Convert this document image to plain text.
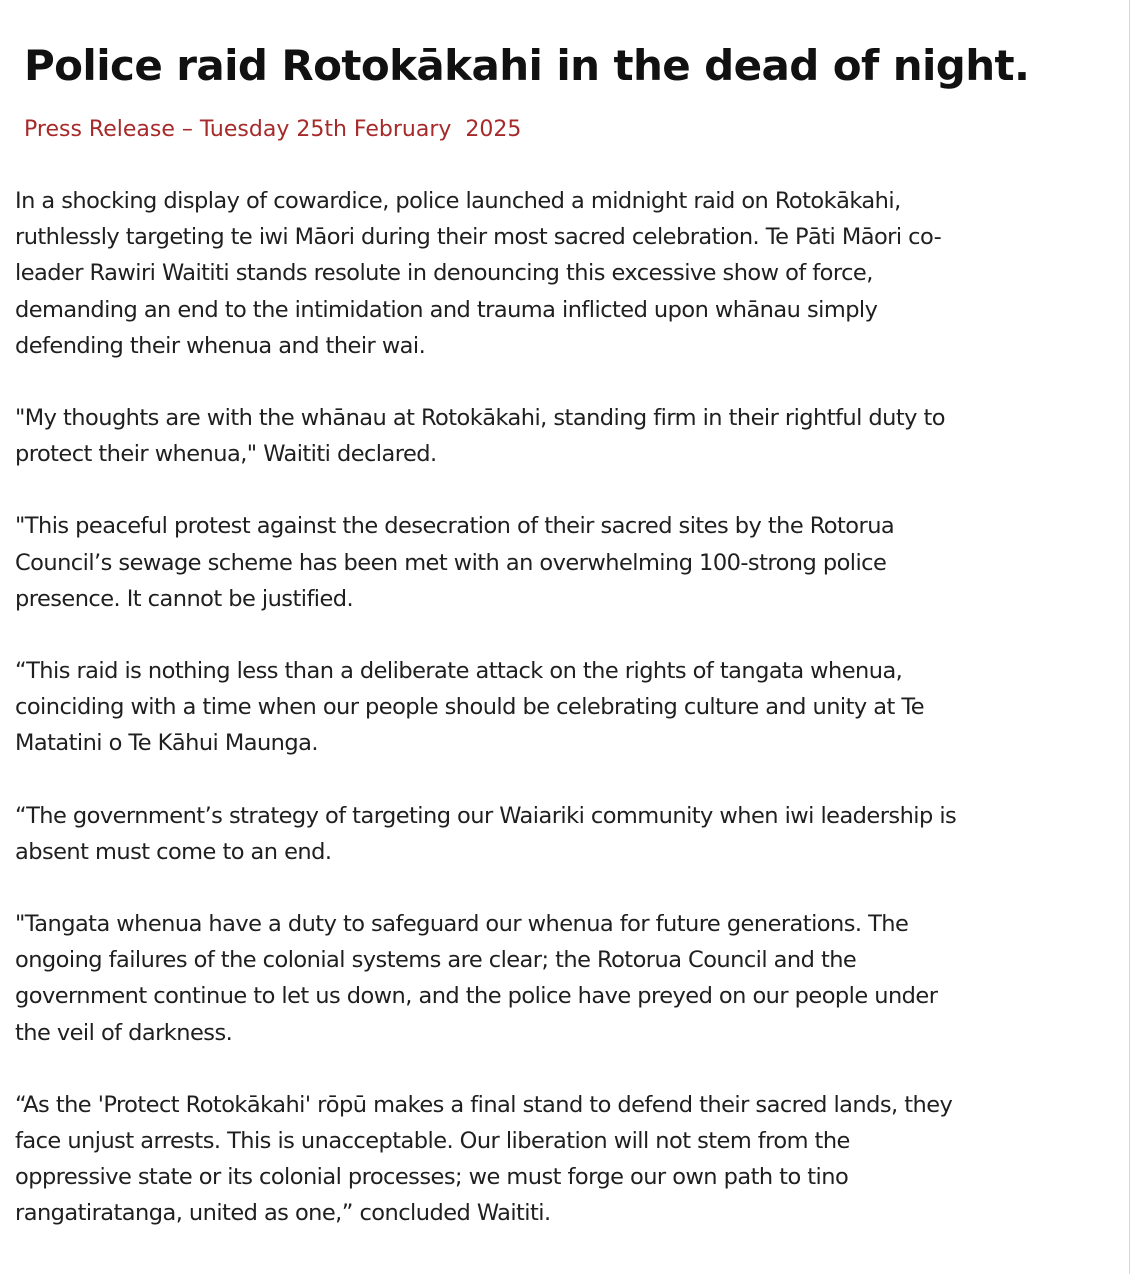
Police raid Rotokākahi in the dead of night.
Press Release – Tuesday 25th February  2025

In a shocking display of cowardice, police launched a midnight raid on Rotokākahi,
ruthlessly targeting te iwi Māori during their most sacred celebration. Te Pāti Māori co-
leader Rawiri Waititi stands resolute in denouncing this excessive show of force,
demanding an end to the intimidation and trauma inflicted upon whānau simply
defending their whenua and their wai.

"My thoughts are with the whānau at Rotokākahi, standing firm in their rightful duty to
protect their whenua," Waititi declared.

"This peaceful protest against the desecration of their sacred sites by the Rotorua
Council’s sewage scheme has been met with an overwhelming 100-strong police
presence. It cannot be justified.

“This raid is nothing less than a deliberate attack on the rights of tangata whenua,
coinciding with a time when our people should be celebrating culture and unity at Te
Matatini o Te Kāhui Maunga.

“The government’s strategy of targeting our Waiariki community when iwi leadership is
absent must come to an end.

"Tangata whenua have a duty to safeguard our whenua for future generations. The
ongoing failures of the colonial systems are clear; the Rotorua Council and the
government continue to let us down, and the police have preyed on our people under
the veil of darkness.

“As the 'Protect Rotokākahi' rōpū makes a final stand to defend their sacred lands, they
face unjust arrests. This is unacceptable. Our liberation will not stem from the
oppressive state or its colonial processes; we must forge our own path to tino
rangatiratanga, united as one,” concluded Waititi.
